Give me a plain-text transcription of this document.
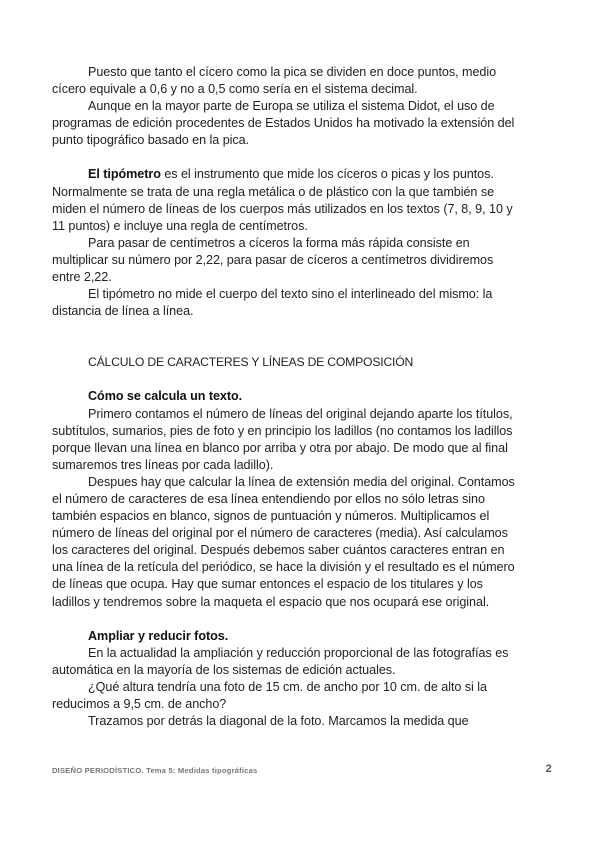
Puesto que tanto el cícero como la pica se dividen en doce puntos, medio
cícero equivale a 0,6 y no a 0,5 como sería en el sistema decimal.
Aunque en la mayor parte de Europa se utiliza el sistema Didot, el uso de
programas de edición procedentes de Estados Unidos ha motivado la extensión del
punto tipográfico basado en la pica.
El tipómetro es el instrumento que mide los cíceros o picas y los puntos.
Normalmente se trata de una regla metálica o de plástico con la que también se
miden el número de líneas de los cuerpos más utilizados en los textos (7, 8, 9, 10 y
11 puntos) e incluye una regla de centímetros.
Para pasar de centímetros a cíceros la forma más rápida consiste en
multiplicar su número por 2,22, para pasar de cíceros a centímetros dividiremos
entre 2,22.
El tipómetro no mide el cuerpo del texto sino el interlineado del mismo: la
distancia de línea a línea.
CÁLCULO DE CARACTERES Y LÍNEAS DE COMPOSICIÓN
Cómo se calcula un texto.
Primero contamos el número de líneas del original dejando aparte los títulos,
subtítulos, sumarios, pies de foto y en principio los ladillos (no contamos los ladillos
porque llevan una línea en blanco por arriba y otra por abajo. De modo que al final
sumaremos tres líneas por cada ladillo).
Despues hay que calcular la línea de extensión media del original. Contamos
el número de caracteres de esa línea entendiendo por ellos no sólo letras sino
también espacios en blanco, signos de puntuación y números. Multiplicamos el
número de líneas del original por el número de caracteres (media). Así calculamos
los caracteres del original. Después debemos saber cuántos caracteres entran en
una línea de la retícula del periódico, se hace la división y el resultado es el número
de líneas que ocupa. Hay que sumar entonces el espacio de los titulares y los
ladillos y tendremos sobre la maqueta el espacio que nos ocupará ese original.
Ampliar y reducir fotos.
En la actualidad la ampliación y reducción proporcional de las fotografías es
automática en la mayoría de los sistemas de edición actuales.
¿Qué altura tendría una foto de 15 cm. de ancho por 10 cm. de alto si la
reducimos a 9,5 cm. de ancho?
Trazamos por detrás la diagonal de la foto. Marcamos la medida que
DISEÑO PERIODÍSTICO. Tema 5: Medidas tipográficas	2
